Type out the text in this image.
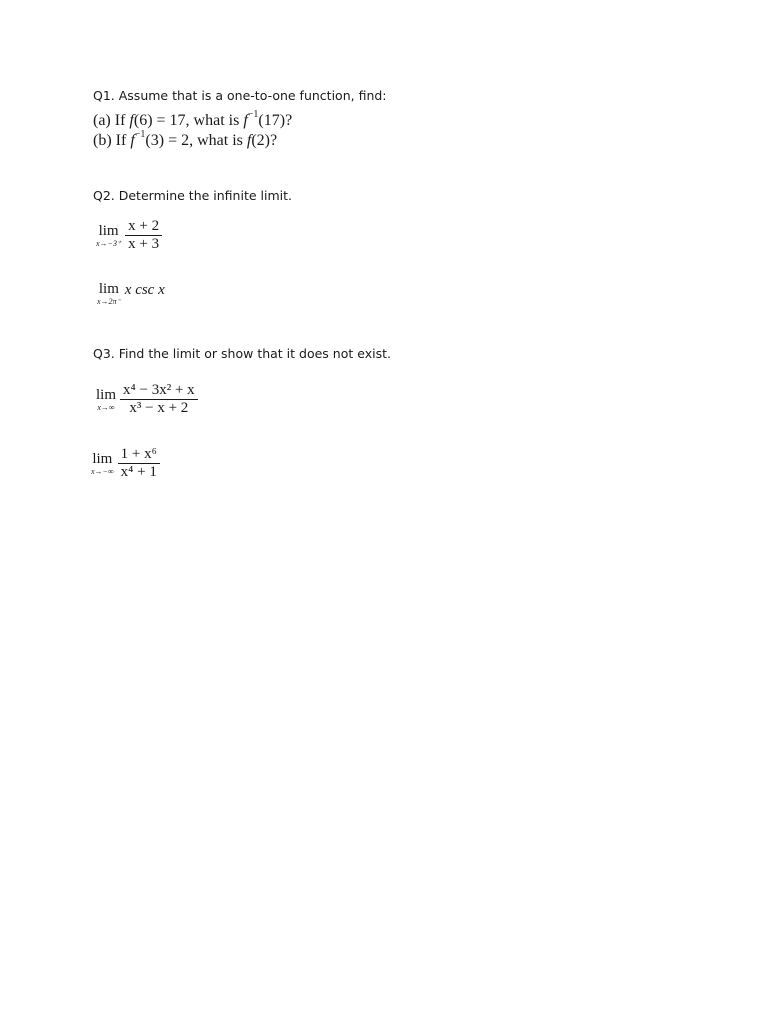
Q1. Assume that is a one-to-one function, find:

(a) If f(6) = 17, what is $f^{-1}(17)$?
(b) If $f^{-1}(3) = 2$, what is f(2)?

Q2. Determine the infinite limit.

lim
$x\to-3^+ \frac{x + 2}{x + 3}$
lim
x→2π⁻
x csc x

Q3. Find the limit or show that it does not exist.

lim
$x\to\infty \frac{\text{x⁴ − 3x² + x}}{\text{x³ − x + 2}}$
lim
$x\to-\infty \frac{\text{1 + x⁶}}{\text{x⁴ + 1}}$
